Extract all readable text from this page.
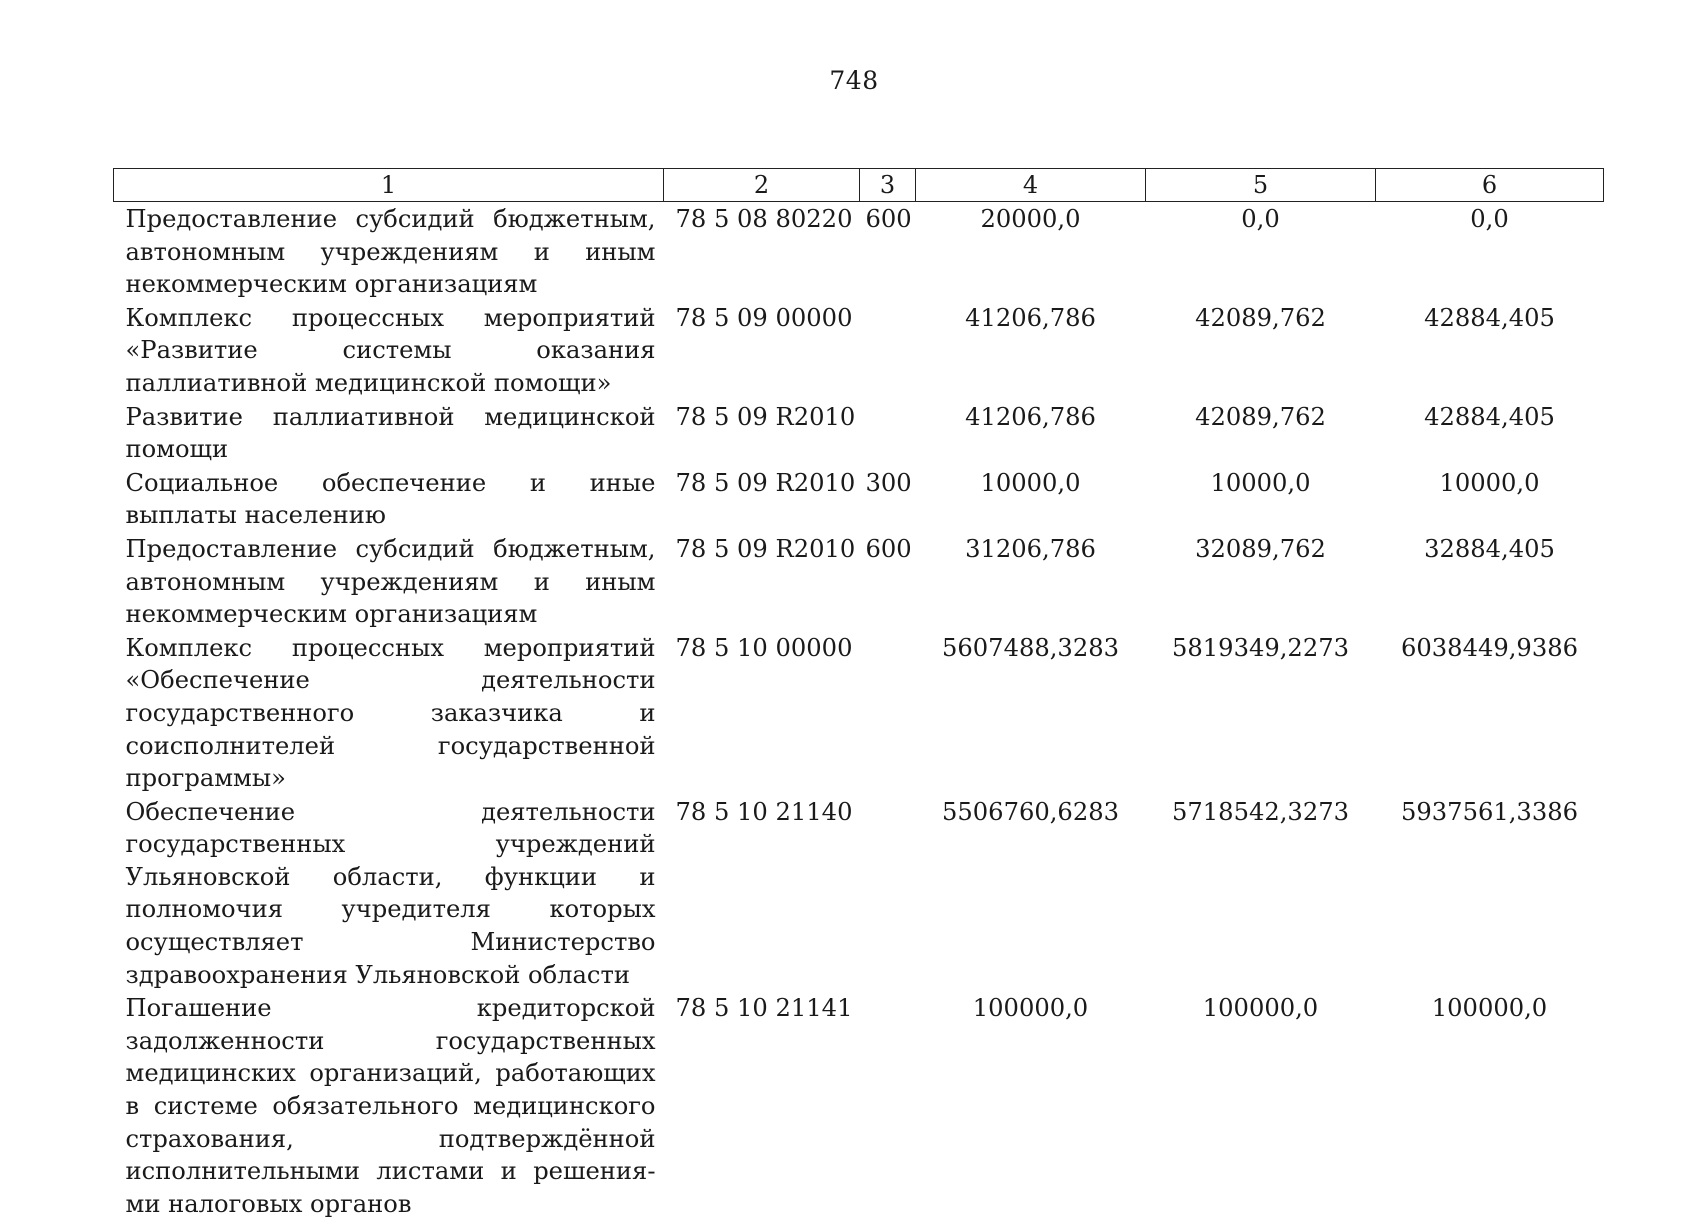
748
1	2	3	4	5	6
Предоставление субсидий бюджетным, автономным учреждениям и иным некоммерческим организациям	78 5 08 80220	600	20000,0	0,0	0,0
Комплекс процессных мероприятий «Развитие системы оказания паллиативной медицинской помощи»	78 5 09 00000		41206,786	42089,762	42884,405
Развитие паллиативной медицинской помощи	78 5 09 R2010		41206,786	42089,762	42884,405
Социальное обеспечение и иные выплаты населению	78 5 09 R2010	300	10000,0	10000,0	10000,0
Предоставление субсидий бюджетным, автономным учреждениям и иным некоммерческим организациям	78 5 09 R2010	600	31206,786	32089,762	32884,405
Комплекс процессных мероприятий «Обеспечение деятельности государственного заказчика и соисполнителей государственной программы»	78 5 10 00000		5607488,3283	5819349,2273	6038449,9386
Обеспечение деятельности государственных учреждений Ульяновской области, функции и полномочия учредителя которых осуществляет Министерство здравоохранения Ульяновской области	78 5 10 21140		5506760,6283	5718542,3273	5937561,3386
Погашение кредиторской задолженности государственных медицинских организаций, работающих в системе обязательного медицинского страхования, подтверждённой исполнительными листами и решениями налоговых органов	78 5 10 21141		100000,0	100000,0	100000,0
